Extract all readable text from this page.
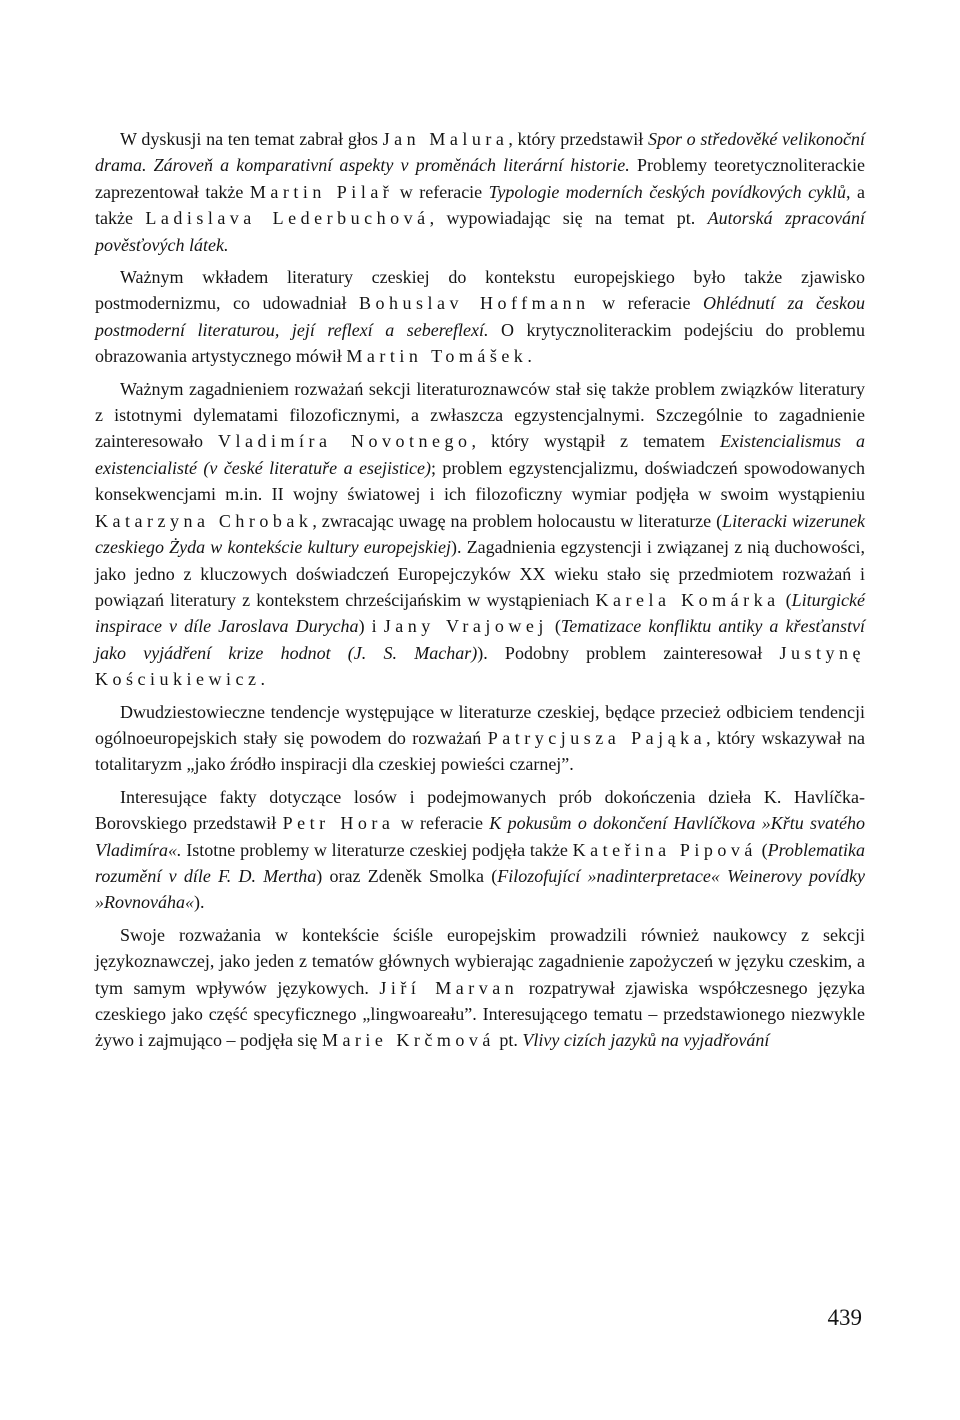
W dyskusji na ten temat zabrał głos Jan Malura, który przedstawił Spor o středověké velikonoční drama. Zároveň a komparativní aspekty v proměnách literární historie. Problemy teoretycznoliterackie zaprezentował także Martin Pilař w referacie Typologie moderních českých povídkových cyklů, a także Ladislava Lederbuchová, wypowiadając się na temat pt. Autorská zpracování pověsťových látek.

Ważnym wkładem literatury czeskiej do kontekstu europejskiego było także zjawisko postmodernizmu, co udowadniał Bohuslav Hoffmann w referacie Ohlédnutí za českou postmoderní literaturou, její reflexí a sebereflexí. O krytycznoliterackim podejściu do problemu obrazowania artystycznego mówił Martin Tomášek.

Ważnym zagadnieniem rozważań sekcji literaturoznawców stał się także problem związków literatury z istotnymi dylematami filozoficznymi, a zwłaszcza egzystencjalnymi. Szczególnie to zagadnienie zainteresowało Vladimíra Novotnego, który wystąpił z tematem Existencialismus a existencialisté (v české literatuře a esejistice); problem egzystencjalizmu, doświadczeń spowodowanych konsekwencjami m.in. II wojny światowej i ich filozoficzny wymiar podjęła w swoim wystąpieniu Katarzyna Chrobak, zwracając uwagę na problem holocaustu w literaturze (Literacki wizerunek czeskiego Żyda w kontekście kultury europejskiej). Zagadnienia egzystencji i związanej z nią duchowości, jako jedno z kluczowych doświadczeń Europejczyków XX wieku stało się przedmiotem rozważań i powiązań literatury z kontekstem chrześcijańskim w wystąpieniach Karela Komárka (Liturgické inspirace v díle Jaroslava Durycha) i Jany Vrajowej (Tematizace konfliktu antiky a křesťanství jako vyjádření krize hodnot (J. S. Machar)). Podobny problem zainteresował Justynę Kościukiewicz.

Dwudziestowieczne tendencje występujące w literaturze czeskiej, będące przecież odbiciem tendencji ogólnoeuropejskich stały się powodem do rozważań Patrycjusza Pająka, który wskazywał na totalitaryzm „jako źródło inspiracji dla czeskiej powieści czarnej”.

Interesujące fakty dotyczące losów i podejmowanych prób dokończenia dzieła K. Havlíčka-Borovskiego przedstawił Petr Hora w referacie K pokusům o dokončení Havlíčkova »Křtu svatého Vladimíra«. Istotne problemy w literaturze czeskiej podjęła także Kateřina Pipová (Problematika rozumění v díle F. D. Mertha) oraz Zdeněk Smolka (Filozofující »nadinterpretace« Weinerovy povídky »Rovnováha«).

Swoje rozważania w kontekście ściśle europejskim prowadzili również naukowcy z sekcji językoznawczej, jako jeden z tematów głównych wybierając zagadnienie zapożyczeń w języku czeskim, a tym samym wpływów językowych. Jiří Marvan rozpatrywał zjawiska współczesnego języka czeskiego jako część specyficznego „lingwoareału”. Interesującego tematu – przedstawionego niezwykle żywo i zajmująco – podjęła się Marie Krčmová pt. Vlivy cizích jazyků na vyjadřování

439
